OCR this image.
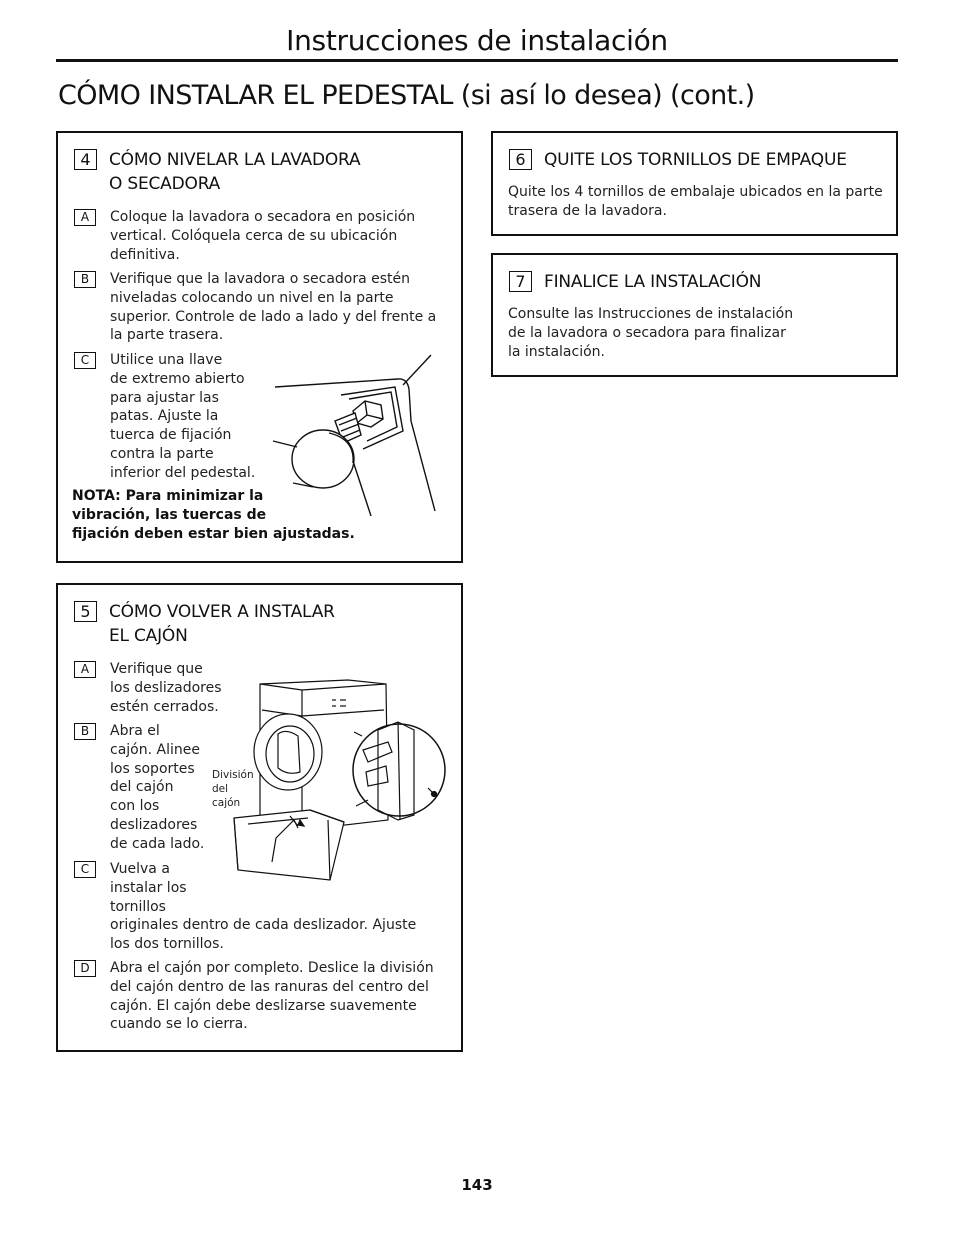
Instrucciones de instalación
CÓMO INSTALAR EL PEDESTAL (si así lo desea) (cont.)
4	CÓMO NIVELAR LA LAVADORA
O SECADORA
A	Coloque la lavadora o secadora en posición vertical. Colóquela cerca de su ubicación definitiva.
B	Verifique que la lavadora o secadora estén niveladas colocando un nivel en la parte superior. Controle de lado a lado y del frente a la parte trasera.
C	Utilice una llave
de extremo abierto
para ajustar las
patas. Ajuste la
tuerca de fijación
contra la parte
inferior del pedestal.
NOTA: Para minimizar la
vibración, las tuercas de
fijación deben estar bien ajustadas.
5	CÓMO VOLVER A INSTALAR
EL CAJÓN
A	Verifique que
los deslizadores
estén cerrados.
B	Abra el
cajón. Alinee
los soportes
del cajón
con los
deslizadores
de cada lado.
C	Vuelva a
instalar los
tornillos
originales dentro de cada deslizador. Ajuste
los dos tornillos.
D	Abra el cajón por completo. Deslice la división
del cajón dentro de las ranuras del centro del
cajón. El cajón debe deslizarse suavemente
cuando se lo cierra.
División
del
cajón
6	QUITE LOS TORNILLOS DE EMPAQUE
Quite los 4 tornillos de embalaje ubicados en la parte
trasera de la lavadora.
7	FINALICE LA INSTALACIÓN
Consulte las Instrucciones de instalación
de la lavadora o secadora para finalizar
la instalación.
143
